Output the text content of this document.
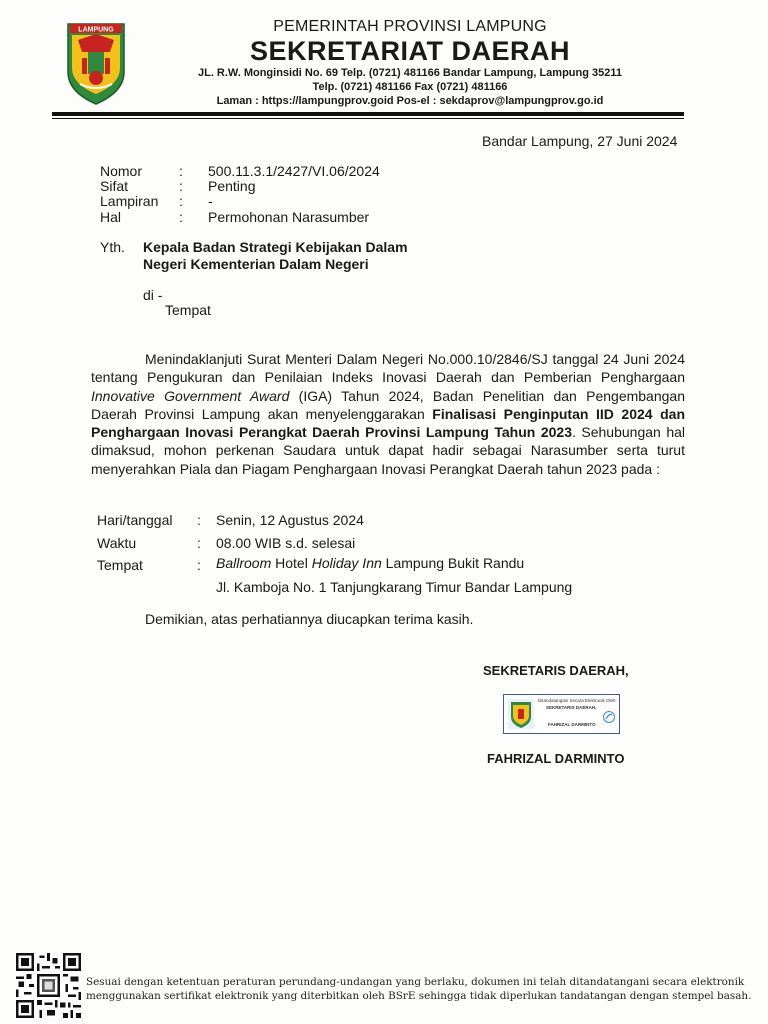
LAMPUNG	PEMERINTAH PROVINSI LAMPUNG
SEKRETARIAT DAERAH
JL. R.W. Monginsidi No. 69 Telp. (0721) 481166 Bandar Lampung, Lampung 35211
Telp. (0721) 481166 Fax (0721) 481166
Laman : https://lampungprov.goid Pos-el : sekdaprov@lampungprov.go.id
Bandar Lampung, 27 Juni 2024
Nomor	: 500.11.3.1/2427/VI.06/2024
Sifat	: Penting
Lampiran : -
Hal	: Permohonan Narasumber
Yth. Kepala Badan Strategi Kebijakan Dalam
Negeri Kementerian Dalam Negeri
di -
Tempat
Menindaklanjuti Surat Menteri Dalam Negeri No.000.10/2846/SJ tanggal 24 Juni 2024 tentang Pengukuran dan Penilaian Indeks Inovasi Daerah dan Pemberian Penghargaan Innovative Government Award (IGA) Tahun 2024, Badan Penelitian dan Pengembangan Daerah Provinsi Lampung akan menyelenggarakan Finalisasi Penginputan IID 2024 dan Penghargaan Inovasi Perangkat Daerah Provinsi Lampung Tahun 2023. Sehubungan hal dimaksud, mohon perkenan Saudara untuk dapat hadir sebagai Narasumber serta turut menyerahkan Piala dan Piagam Penghargaan Inovasi Perangkat Daerah tahun 2023 pada :
Hari/tanggal : Senin, 12 Agustus 2024
Waktu	: 08.00 WIB s.d. selesai
Tempat	: Ballroom Hotel Holiday Inn Lampung Bukit Randu
Jl. Kamboja No. 1 Tanjungkarang Timur Bandar Lampung
Demikian, atas perhatiannya diucapkan terima kasih.
SEKRETARIS DAERAH,
Ditandatangani Secara Elektronik Oleh:
SEKRETARIS DAERAH,
FAHRIZAL DARMINTO
FAHRIZAL DARMINTO
Sesuai dengan ketentuan peraturan perundang-undangan yang berlaku, dokumen ini telah ditandatangani secara elektronik
menggunakan sertifikat elektronik yang diterbitkan oleh BSrE sehingga tidak diperlukan tandatangan dengan stempel basah.
